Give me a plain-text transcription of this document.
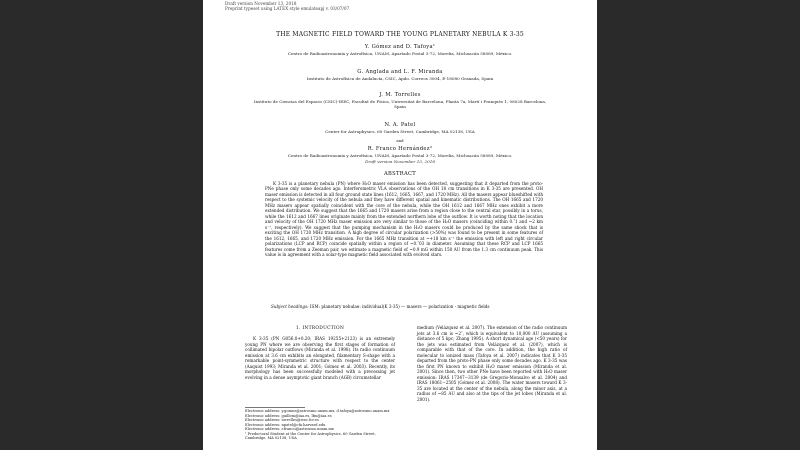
Draft version November 13, 2018
Preprint typeset using LATEX style emulateapj v. 03/07/07
THE MAGNETIC FIELD TOWARD THE YOUNG PLANETARY NEBULA K 3-35
Y. Gómez and D. Tafoya¹
Centro de Radioastronomía y Astrofísica, UNAM, Apartado Postal 3-72, Morelia, Michoacán 58089, México.
G. Anglada and L. F. Miranda
Instituto de Astrofísica de Andalucía, CSIC, Apdo. Correos 3004, E-18080 Granada, Spain
J. M. Torrelles
Instituto de Ciencias del Espacio (CSIC)-IEEC, Facultat de Física, Universitat de Barcelona, Planta 7a, Martí i Franquès 1, 08028 Barcelona, Spain
N. A. Patel
Center for Astrophysics, 60 Garden Street, Cambridge, MA 02138, USA
and
R. Franco Hernández²
Centro de Radioastronomía y Astrofísica, UNAM, Apartado Postal 3-72, Morelia, Michoacán 58089, México.
Draft version November 13, 2018
ABSTRACT
K 3-35 is a planetary nebula (PN) where H₂O maser emission has been detected, suggesting that it departed from the proto-PNe phase only some decades ago. Interferometric VLA observations of the OH 18 cm transitions in K 3-35 are presented. OH maser emission is detected in all four ground state lines (1612, 1665, 1667, and 1720 MHz). All the masers appear blueshifted with respect to the systemic velocity of the nebula and they have different spatial and kinematic distributions. The OH 1665 and 1720 MHz masers appear spatially coincident with the core of the nebula, while the OH 1612 and 1667 MHz ones exhibit a more extended distribution. We suggest that the 1665 and 1720 masers arise from a region close to the central star, possibly in a torus, while the 1612 and 1667 lines originate mainly from the extended northern lobe of the outflow. It is worth noting that the location and velocity of the OH 1720 MHz maser emission are very similar to those of the H₂O masers (coinciding within 0.″1 and ~2 km s⁻¹, respectively). We suggest that the pumping mechanism in the H₂O masers could be produced by the same shock that is exciting the OH 1720 MHz transition. A high degree of circular polarization (>50%) was found to be present in some features of the 1612, 1665, and 1720 MHz emission. For the 1665 MHz transition at ~+18 km s⁻¹ the emission with left and right circular polarizations (LCP and RCP) coincide spatially within a region of ~0.″03 in diameter. Assuming that these RCP and LCP 1665 features come from a Zeeman pair, we estimate a magnetic field of ~0.9 mG within 150 AU from the 1.3 cm continuum peak. This value is in agreement with a solar-type magnetic field associated with evolved stars.
Subject headings: ISM: planetary nebulae: individual(K 3-35) — masers — polarization - magnetic fields
1. INTRODUCTION
K 3-35 (PN G056.0+0.20; IRAS 19255+2123) is an extremely young PN where we are observing the first stages of formation of collimated bipolar outflows (Miranda et al. 1998). Its radio continuum emission at 3.6 cm exhibits an elongated, filamentary S-shape with a remarkable point-symmetric structure with respect to the center (Aaquist 1993; Miranda et al. 2001; Gómez et al. 2003). Recently, its morphology has been successfully modeled with a precessing jet evolving in a dense asymptotic giant branch (AGB) circumstellar
medium (Velázquez et al. 2007). The extension of the radio continuum jets at 3.6 cm is ~2″, which is equivalent to 10,000 AU (assuming a distance of 5 kpc; Zhang 1995). A short dynamical age (<50 years) for the jets was estimated from Velázquez et al. (2007), which is comparable with that of the core. In addition, the high ratio of molecular to ionized mass (Tafoya et al. 2007) indicates that K 3-35 departed from the proto-PN phase only some decades ago. K 3-35 was the first PN known to exhibit H₂O maser emission (Miranda et al. 2001). Since then, two other PNe have been reported with H₂O maser emission: IRAS 17347−3139 (de Gregorio-Monsalvo et al. 2004) and IRAS 18061−2505 (Gómez et al. 2008). The water masers toward K 3-35 are located at the center of the nebula, along the minor axis, at a radius of ~85 AU and also at the tips of the jet lobes (Miranda et al. 2001).
Electronic address: y.gomez@astrosmo.unam.mx, d.tafoya@astrosmo.unam.mx
Electronic address: guillem@iaa.es, lfm@iaa.es
Electronic address: torrelles@ieec.fcr.es
Electronic address: npatel@cfa.harvard.edu
Electronic address: r.franco@astrosmo.unam.mx
¹ Predoctoral Student at the Center for Astrophysics, 60 Garden Street, Cambridge, MA 02138, USA
